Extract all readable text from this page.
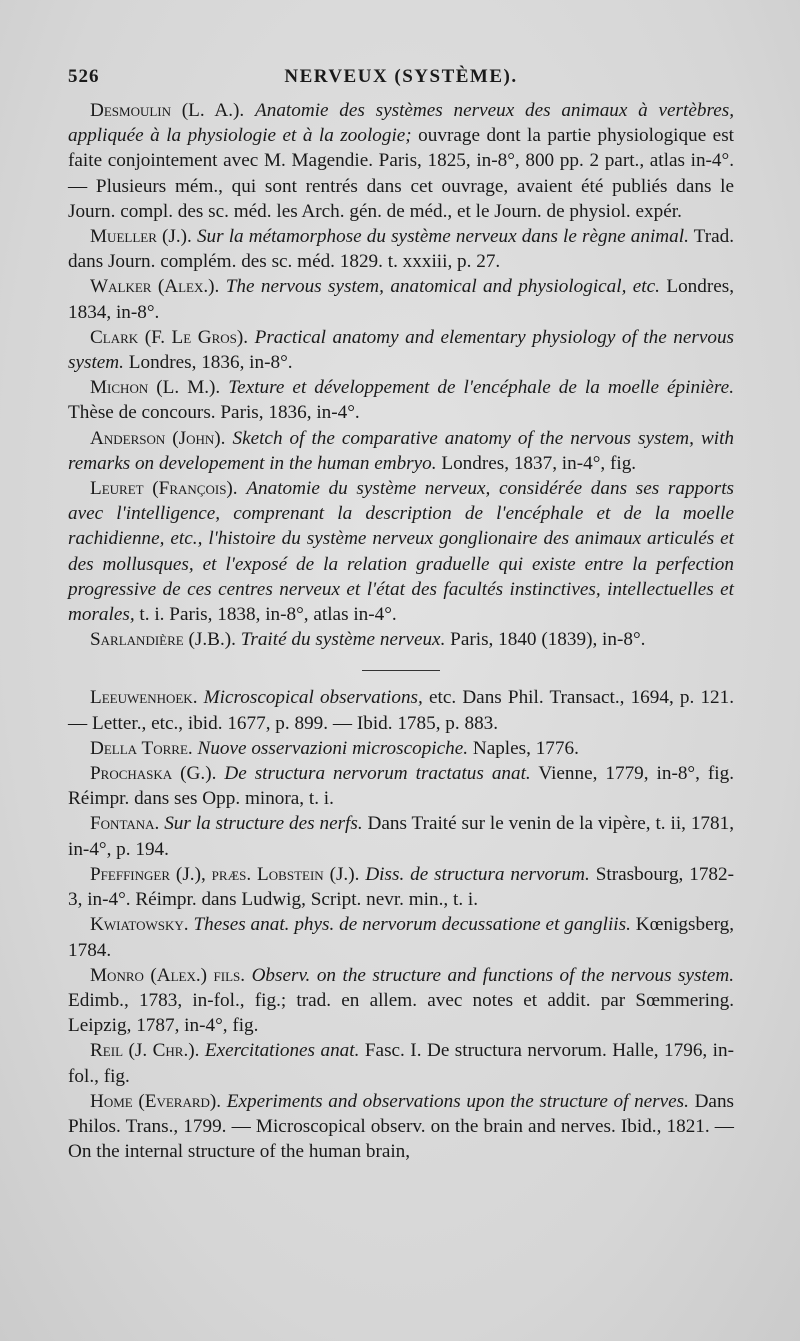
526	NERVEUX (SYSTÈME).

Desmoulin (L. A.). Anatomie des systèmes nerveux des animaux à vertèbres, appliquée à la physiologie et à la zoologie; ouvrage dont la partie physiologique est faite conjointement avec M. Magendie. Paris, 1825, in-8°, 800 pp. 2 part., atlas in-4°. — Plusieurs mém., qui sont rentrés dans cet ouvrage, avaient été publiés dans le Journ. compl. des sc. méd. les Arch. gén. de méd., et le Journ. de physiol. expér.

Mueller (J.). Sur la métamorphose du système nerveux dans le règne animal. Trad. dans Journ. complém. des sc. méd. 1829. t. xxxiii, p. 27.

Walker (Alex.). The nervous system, anatomical and physiological, etc. Londres, 1834, in-8°.

Clark (F. Le Gros). Practical anatomy and elementary physiology of the nervous system. Londres, 1836, in-8°.

Michon (L. M.). Texture et développement de l'encéphale de la moelle épinière. Thèse de concours. Paris, 1836, in-4°.

Anderson (John). Sketch of the comparative anatomy of the nervous system, with remarks on developement in the human embryo. Londres, 1837, in-4°, fig.

Leuret (François). Anatomie du système nerveux, considérée dans ses rapports avec l'intelligence, comprenant la description de l'encéphale et de la moelle rachidienne, etc., l'histoire du système nerveux gonglionaire des animaux articulés et des mollusques, et l'exposé de la relation graduelle qui existe entre la perfection progressive de ces centres nerveux et l'état des facultés instinctives, intellectuelles et morales, t. i. Paris, 1838, in-8°, atlas in-4°.

Sarlandière (J.B.). Traité du système nerveux. Paris, 1840 (1839), in-8°.

Leeuwenhoek. Microscopical observations, etc. Dans Phil. Transact., 1694, p. 121. — Letter., etc., ibid. 1677, p. 899. — Ibid. 1785, p. 883.

Della Torre. Nuove osservazioni microscopiche. Naples, 1776.

Prochaska (G.). De structura nervorum tractatus anat. Vienne, 1779, in-8°, fig. Réimpr. dans ses Opp. minora, t. i.

Fontana. Sur la structure des nerfs. Dans Traité sur le venin de la vipère, t. ii, 1781, in-4°, p. 194.

Pfeffinger (J.), præs. Lobstein (J.). Diss. de structura nervorum. Strasbourg, 1782-3, in-4°. Réimpr. dans Ludwig, Script. nevr. min., t. i.

Kwiatowsky. Theses anat. phys. de nervorum decussatione et gangliis. Kœnigsberg, 1784.

Monro (Alex.) fils. Observ. on the structure and functions of the nervous system. Edimb., 1783, in-fol., fig.; trad. en allem. avec notes et addit. par Sœmmering. Leipzig, 1787, in-4°, fig.

Reil (J. Chr.). Exercitationes anat. Fasc. I. De structura nervorum. Halle, 1796, in-fol., fig.

Home (Everard). Experiments and observations upon the structure of nerves. Dans Philos. Trans., 1799. — Microscopical observ. on the brain and nerves. Ibid., 1821. — On the internal structure of the human brain,
